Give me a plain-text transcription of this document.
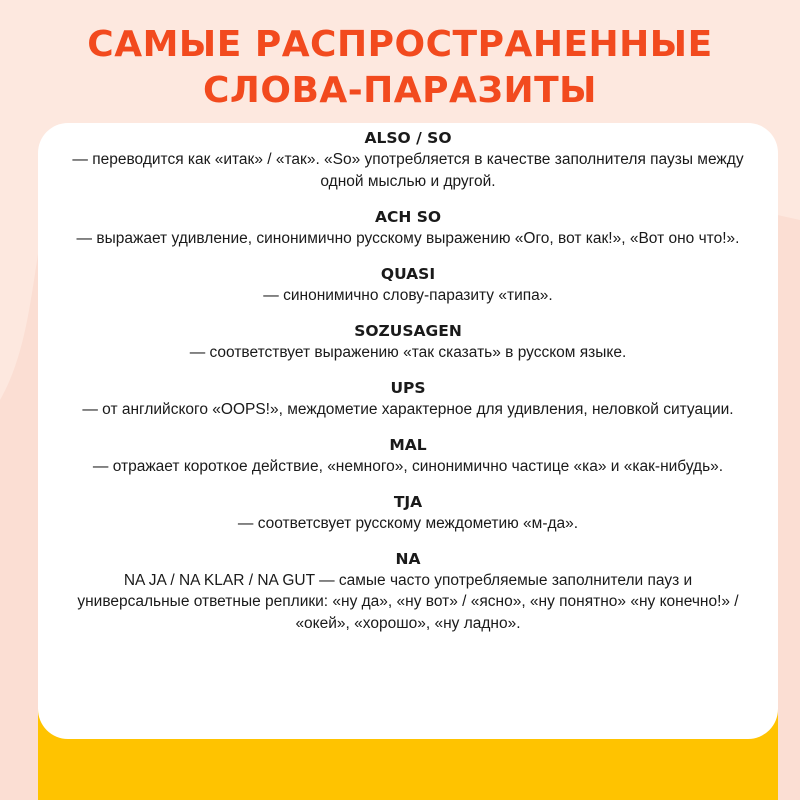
САМЫЕ РАСПРОСТРАНЕННЫЕ
СЛОВА-ПАРАЗИТЫ
ALSO / SO
— переводится как «итак» / «так». «So» употребляется в качестве заполнителя паузы между одной мыслью и другой.
ACH SO
— выражает удивление, синонимично русскому выражению «Ого, вот как!», «Вот оно что!».
QUASI
— синонимично слову-паразиту «типа».
SOZUSAGEN
— соответствует выражению «так сказать» в русском языке.
UPS
— от английского «OOPS!», междометие характерное для удивления, неловкой ситуации.
MAL
— отражает короткое действие, «немного», синонимично частице «ка» и «как-нибудь».
TJA
— соответсвует русскому междометию «м-да».
NA
NA JA / NA KLAR / NA GUT — самые часто употребляемые заполнители пауз и универсальные ответные реплики: «ну да», «ну вот» / «ясно», «ну понятно» «ну конечно!» / «окей», «хорошо», «ну ладно».
